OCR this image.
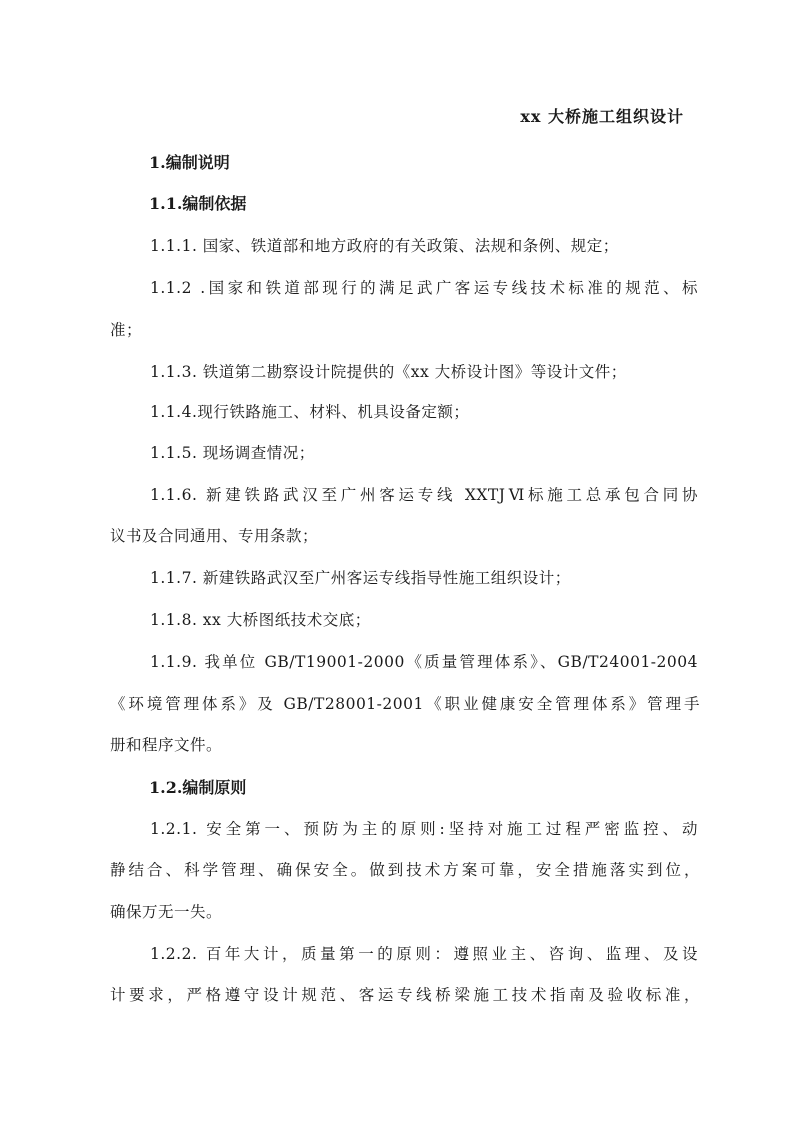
xx 大桥施工组织设计
1.编制说明
1.1.编制依据
1.1.1. 国家、铁道部和地方政府的有关政策、法规和条例、规定；
1.1.2 .国家和铁道部现行的满足武广客运专线技术标准的规范、标
准；
1.1.3. 铁道第二勘察设计院提供的《xx 大桥设计图》等设计文件；
1.1.4.现行铁路施工、材料、机具设备定额；
1.1.5. 现场调查情况；
1.1.6. 新建铁路武汉至广州客运专线 XXTJⅥ标施工总承包合同协
议书及合同通用、专用条款；
1.1.7. 新建铁路武汉至广州客运专线指导性施工组织设计；
1.1.8. xx 大桥图纸技术交底；
1.1.9. 我单位 GB/T19001-2000《质量管理体系》、GB/T24001-2004
《环境管理体系》及 GB/T28001-2001《职业健康安全管理体系》管理手
册和程序文件。
1.2.编制原则
1.2.1. 安全第一、预防为主的原则:坚持对施工过程严密监控、动
静结合、科学管理、确保安全。做到技术方案可靠，安全措施落实到位，
确保万无一失。
1.2.2. 百年大计，质量第一的原则：遵照业主、咨询、监理、及设
计要求，严格遵守设计规范、客运专线桥梁施工技术指南及验收标准，
